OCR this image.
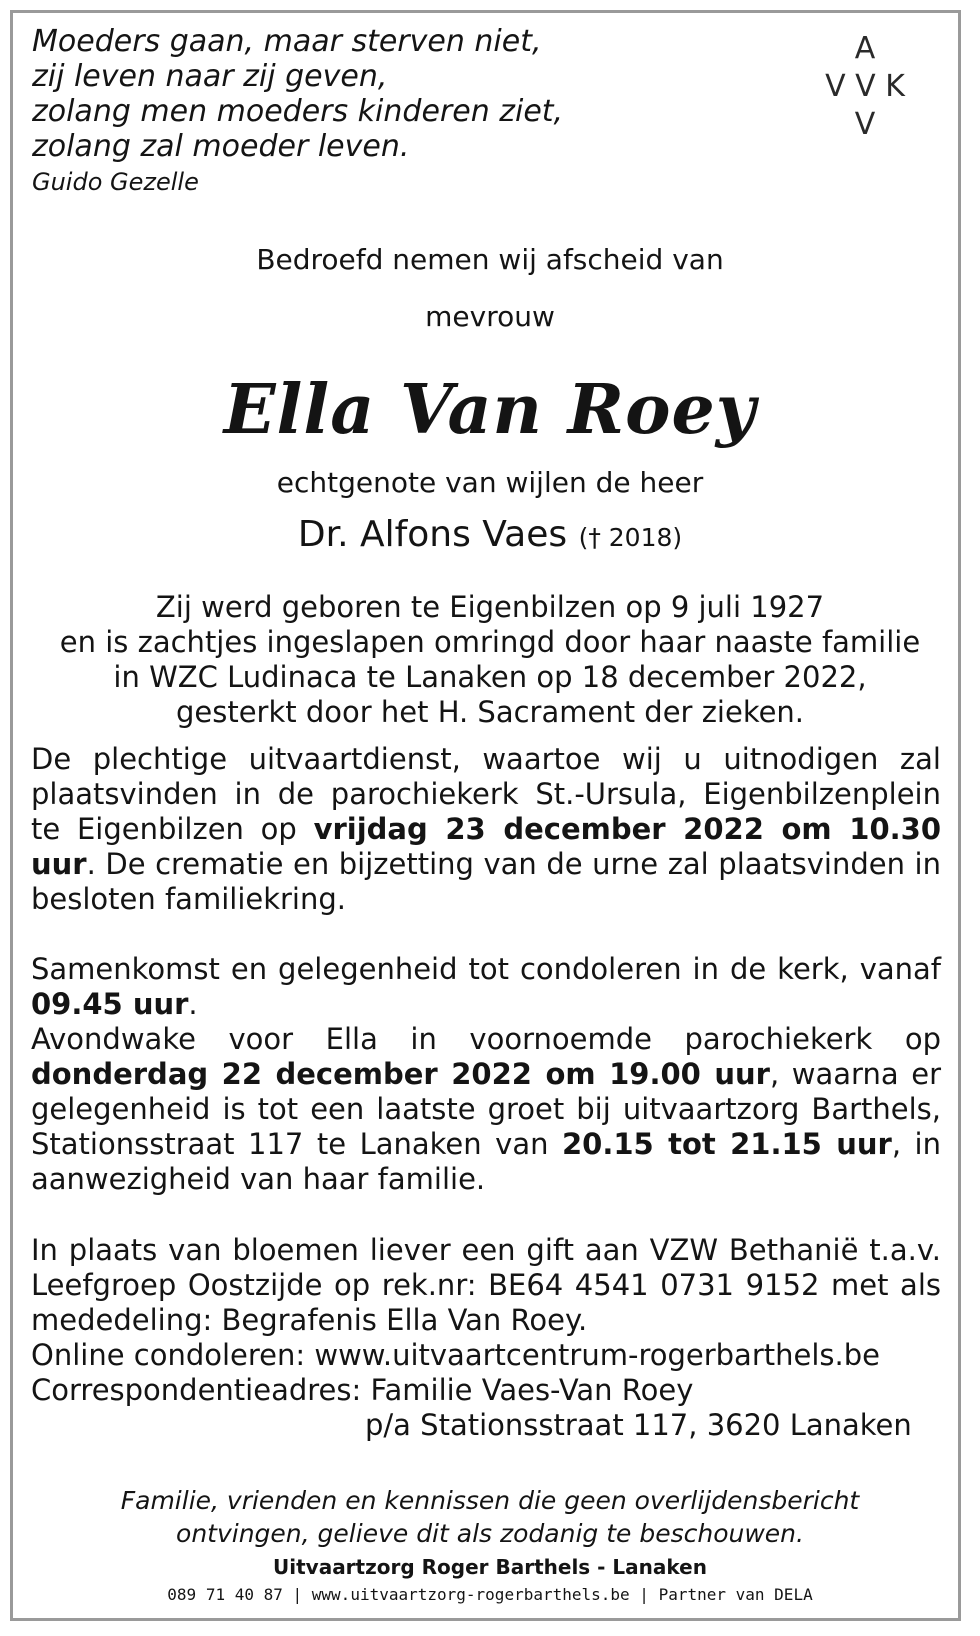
Moeders gaan, maar sterven niet,
zij leven naar zij geven,
zolang men moeders kinderen ziet,
zolang zal moeder leven.
Guido Gezelle
A
V V K
V
Bedroefd nemen wij afscheid van
mevrouw
Ella Van Roey
echtgenote van wijlen de heer
Dr. Alfons Vaes († 2018)
Zij werd geboren te Eigenbilzen op 9 juli 1927
en is zachtjes ingeslapen omringd door haar naaste familie
in WZC Ludinaca te Lanaken op 18 december 2022,
gesterkt door het H. Sacrament der zieken.
De plechtige uitvaartdienst, waartoe wij u uitnodigen zal plaatsvinden in de parochiekerk St.-Ursula, Eigenbilzenplein te Eigenbilzen op vrijdag 23 december 2022 om 10.30 uur. De crematie en bijzetting van de urne zal plaatsvinden in besloten familiekring.
Samenkomst en gelegenheid tot condoleren in de kerk, vanaf 09.45 uur.
Avondwake voor Ella in voornoemde parochiekerk op donderdag 22 december 2022 om 19.00 uur, waarna er gelegenheid is tot een laatste groet bij uitvaartzorg Barthels, Stationsstraat 117 te Lanaken van 20.15 tot 21.15 uur, in aanwezigheid van haar familie.
In plaats van bloemen liever een gift aan VZW Bethanië t.a.v. Leefgroep Oostzijde op rek.nr: BE64 4541 0731 9152 met als mededeling: Begrafenis Ella Van Roey.
Online condoleren: www.uitvaartcentrum-rogerbarthels.be
Correspondentieadres: Familie Vaes-Van Roey
p/a Stationsstraat 117, 3620 Lanaken
Familie, vrienden en kennissen die geen overlijdensbericht
ontvingen, gelieve dit als zodanig te beschouwen.
Uitvaartzorg Roger Barthels - Lanaken
089 71 40 87 | www.uitvaartzorg-rogerbarthels.be | Partner van DELA
